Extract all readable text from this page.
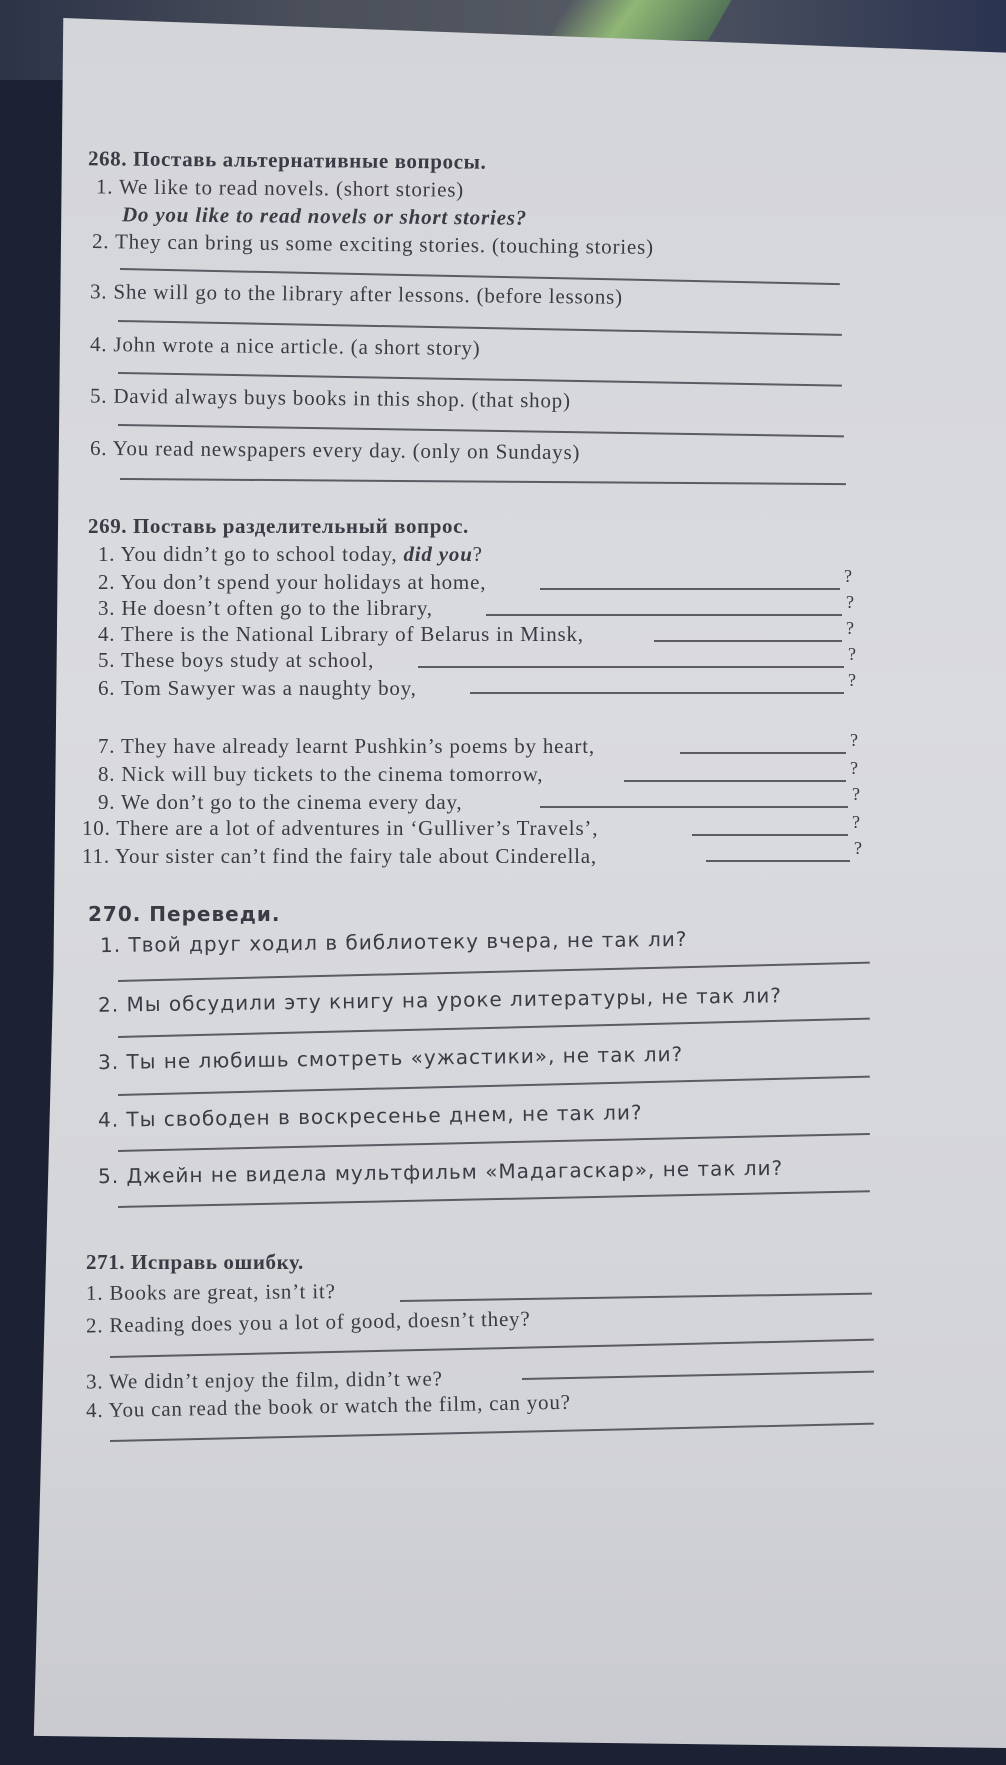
268. Поставь альтернативные вопросы.
1. We like to read novels. (short stories)
Do you like to read novels or short stories?
2. They can bring us some exciting stories. (touching stories)
3. She will go to the library after lessons. (before lessons)
4. John wrote a nice article. (a short story)
5. David always buys books in this shop. (that shop)
6. You read newspapers every day. (only on Sundays)
269. Поставь разделительный вопрос.
1. You didn’t go to school today, did you?
2. You don’t spend your holidays at home,	?
3. He doesn’t often go to the library,	?
4. There is the National Library of Belarus in Minsk,	?
5. These boys study at school,	?
6. Tom Sawyer was a naughty boy,	?
7. They have already learnt Pushkin’s poems by heart,	?
8. Nick will buy tickets to the cinema tomorrow,	?
9. We don’t go to the cinema every day,	?
10. There are a lot of adventures in ‘Gulliver’s Travels’,	?
11. Your sister can’t find the fairy tale about Cinderella,	?
270. Переведи.
1. Твой друг ходил в библиотеку вчера, не так ли?
2. Мы обсудили эту книгу на уроке литературы, не так ли?
3. Ты не любишь смотреть «ужастики», не так ли?
4. Ты свободен в воскресенье днем, не так ли?
5. Джейн не видела мультфильм «Мадагаскар», не так ли?
271. Исправь ошибку.
1. Books are great, isn’t it?
2. Reading does you a lot of good, doesn’t they?
3. We didn’t enjoy the film, didn’t we?
4. You can read the book or watch the film, can you?
